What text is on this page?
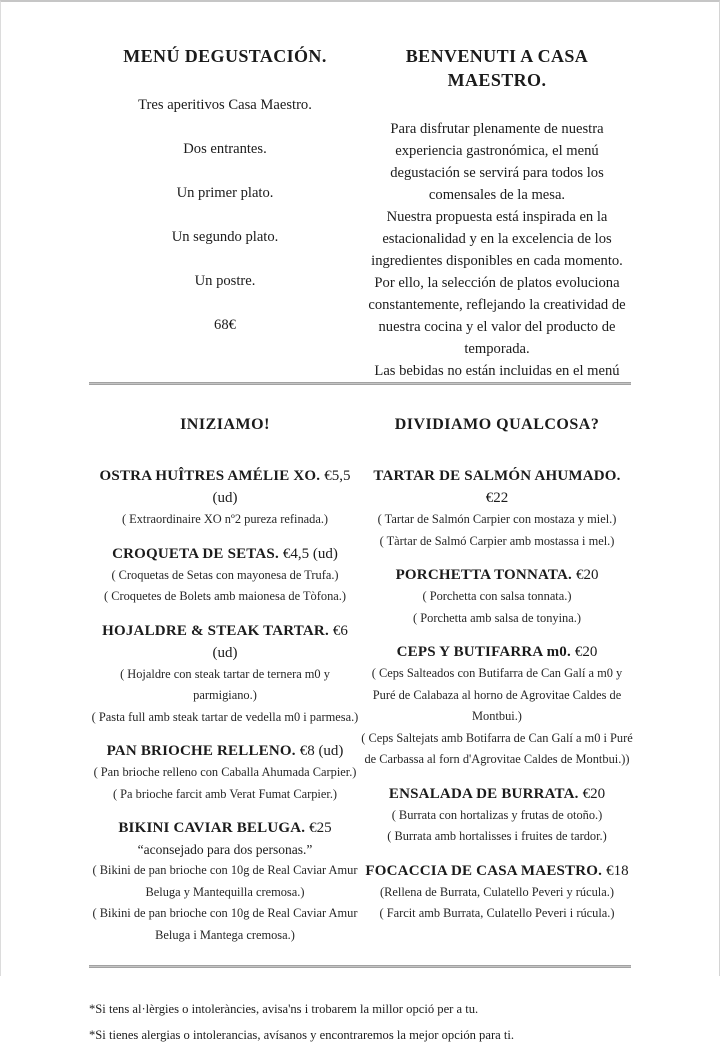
MENÚ DEGUSTACIÓN.
Tres aperitivos Casa Maestro.
Dos entrantes.
Un primer plato.
Un segundo plato.
Un postre.
68€
BENVENUTI A CASA MAESTRO.

Para disfrutar plenamente de nuestra experiencia gastronómica, el menú degustación se servirá para todos los comensales de la mesa.

Nuestra propuesta está inspirada en la estacionalidad y en la excelencia de los ingredientes disponibles en cada momento.

Por ello, la selección de platos evoluciona constantemente, reflejando la creatividad de nuestra cocina y el valor del producto de temporada.

Las bebidas no están incluidas en el menú

INIZIAMO!
OSTRA HUÎTRES AMÉLIE XO. €5,5 (ud)
( Extraordinaire XO nº2 pureza refinada.)
CROQUETA DE SETAS. €4,5 (ud)
( Croquetas de Setas con mayonesa de Trufa.)
( Croquetes de Bolets amb maionesa de Tòfona.)
HOJALDRE & STEAK TARTAR. €6 (ud)
( Hojaldre con steak tartar de ternera m0 y parmigiano.)
( Pasta full amb steak tartar de vedella m0 i parmesa.)
PAN BRIOCHE RELLENO. €8 (ud)
( Pan brioche relleno con Caballa Ahumada Carpier.)
( Pa brioche farcit amb Verat Fumat Carpier.)
BIKINI CAVIAR BELUGA. €25
“aconsejado para dos personas.”
( Bikini de pan brioche con 10g de Real Caviar Amur Beluga y Mantequilla cremosa.)
( Bikini de pan brioche con 10g de Real Caviar Amur Beluga i Mantega cremosa.)
DIVIDIAMO QUALCOSA?
TARTAR DE SALMÓN AHUMADO. €22
( Tartar de Salmón Carpier con mostaza y miel.)
( Tàrtar de Salmó Carpier amb mostassa i mel.)
PORCHETTA TONNATA. €20
( Porchetta con salsa tonnata.)
( Porchetta amb salsa de tonyina.)
CEPS Y BUTIFARRA m0. €20
( Ceps Salteados con Butifarra de Can Galí a m0 y Puré de Calabaza al horno de Agrovitae Caldes de Montbui.)
( Ceps Saltejats amb Botifarra de Can Galí a m0 i Puré de Carbassa al forn d'Agrovitae Caldes de Montbui.))
ENSALADA DE BURRATA. €20
( Burrata con hortalizas y frutas de otoño.)
( Burrata amb hortalisses i fruites de tardor.)
FOCACCIA DE CASA MAESTRO. €18
(Rellena de Burrata, Culatello Peveri y rúcula.)
( Farcit amb Burrata, Culatello Peveri i rúcula.)

*Si tens al·lèrgies o intoleràncies, avisa'ns i trobarem la millor opció per a tu.

*Si tienes alergias o intolerancias, avísanos y encontraremos la mejor opción para ti.
